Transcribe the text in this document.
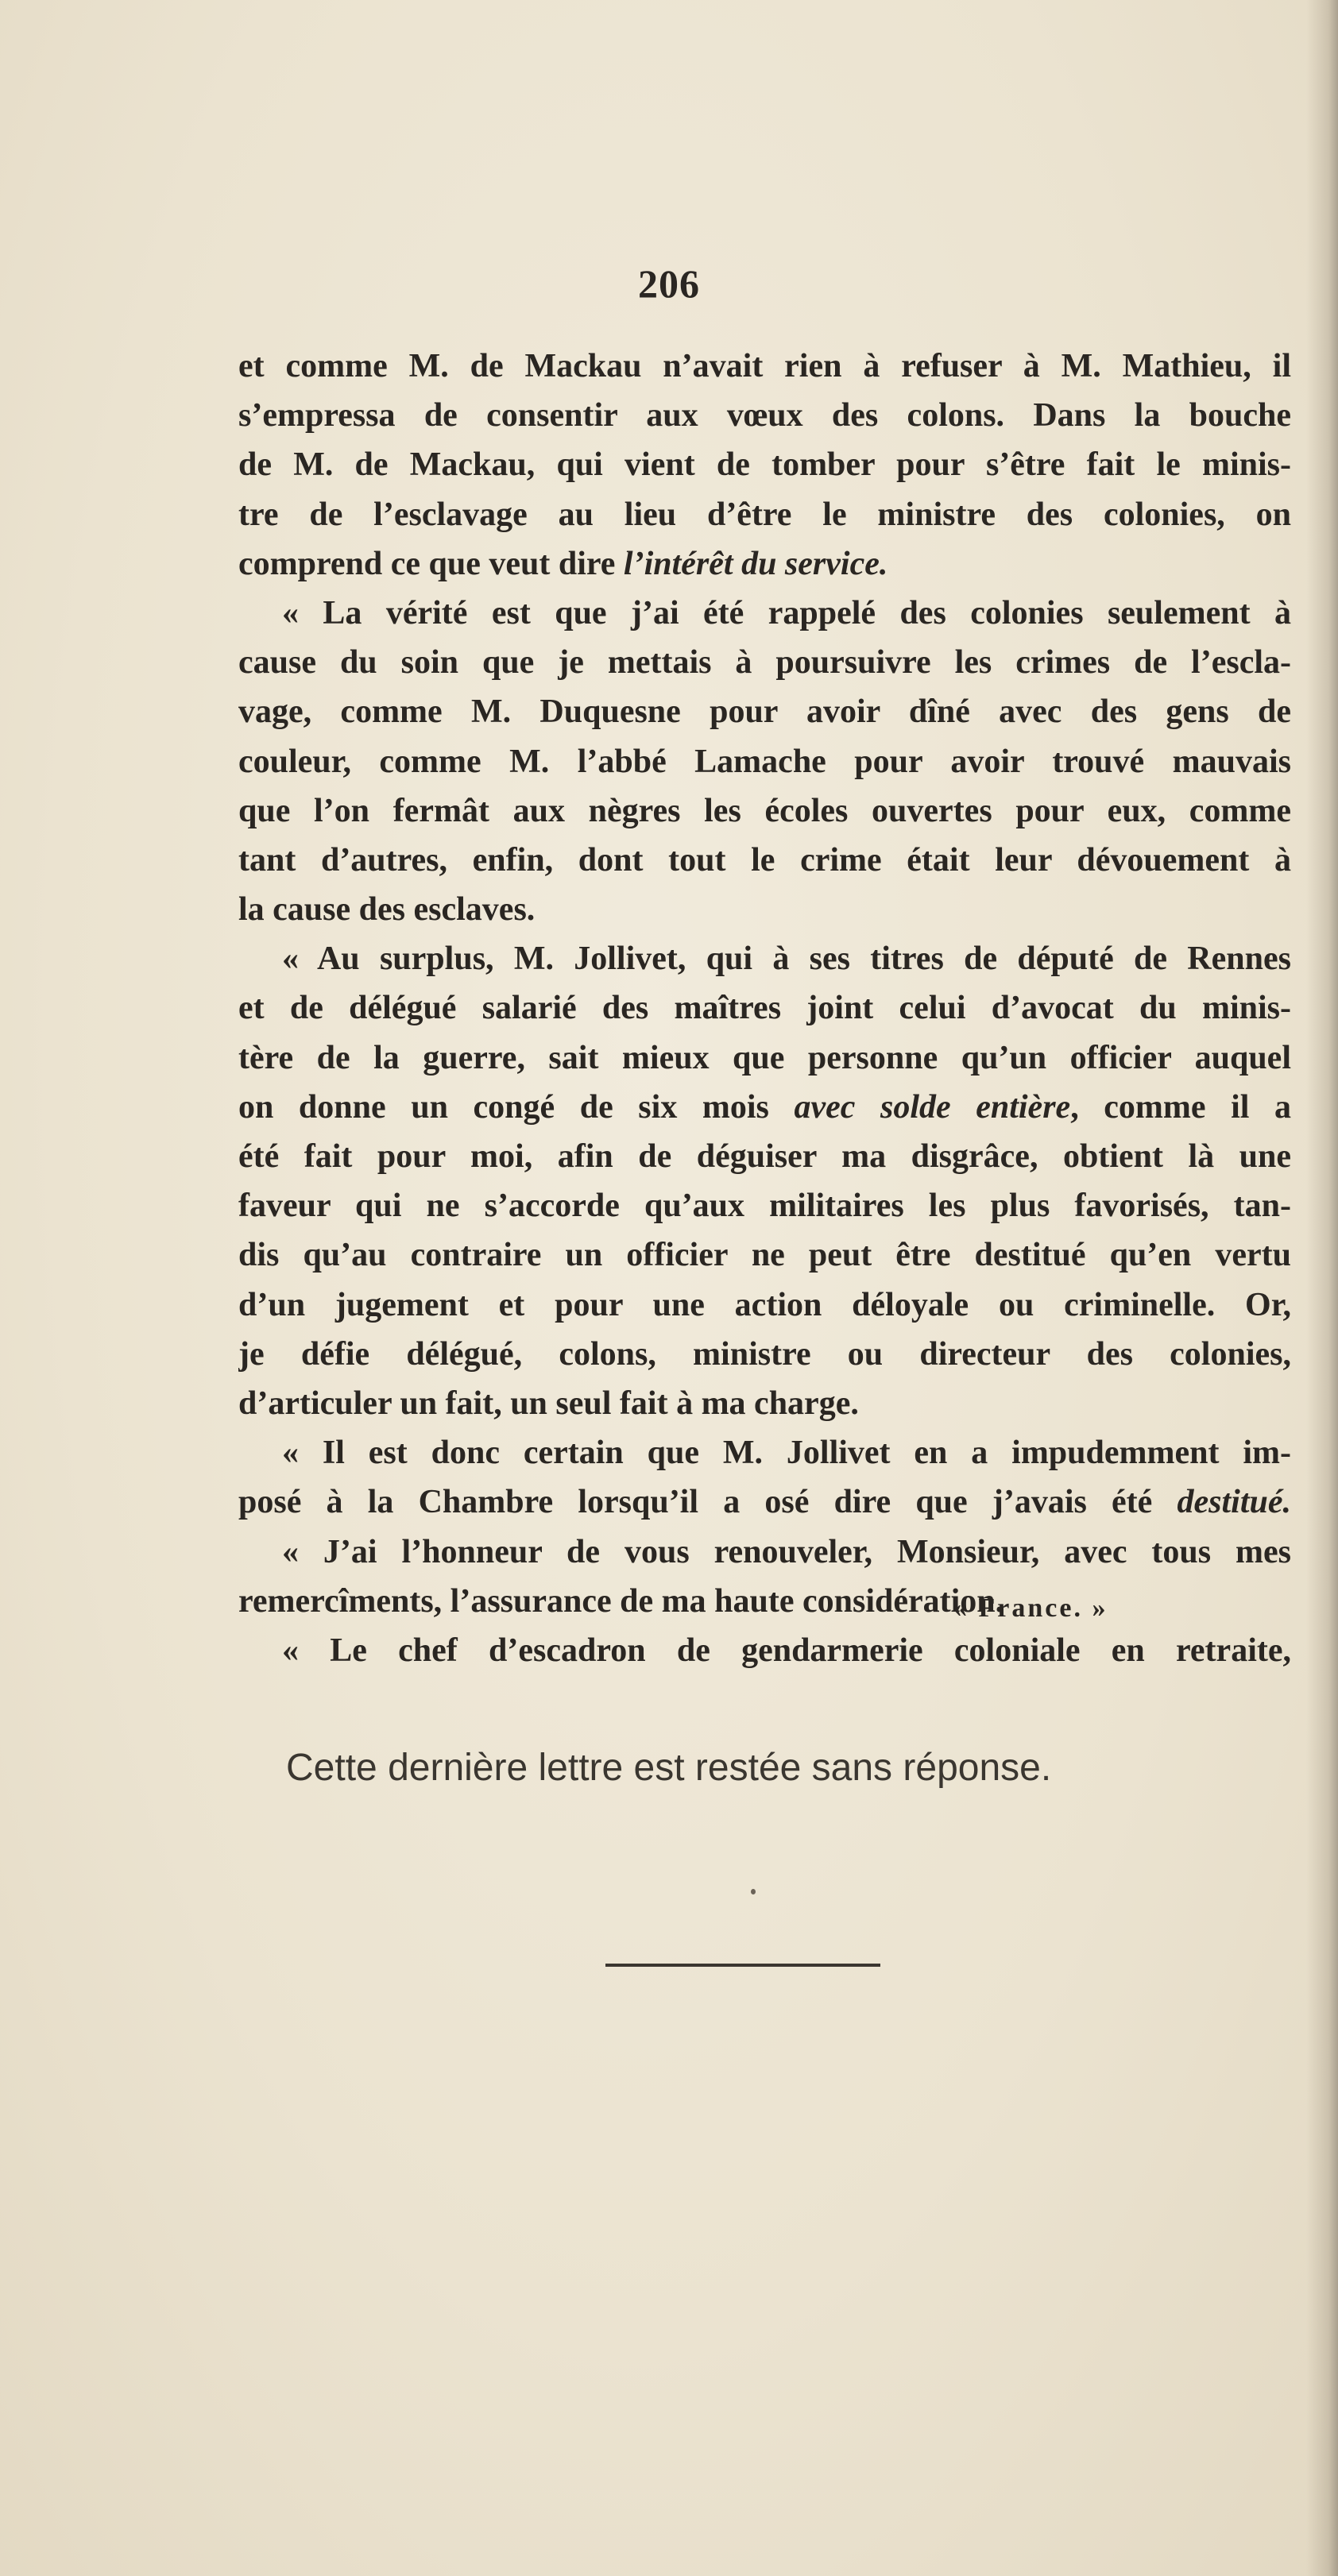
206
et comme M. de Mackau n’avait rien à refuser à M. Mathieu, il
s’empressa de consentir aux vœux des colons. Dans la bouche
de M. de Mackau, qui vient de tomber pour s’être fait le minis-
tre de l’esclavage au lieu d’être le ministre des colonies, on
comprend ce que veut dire l’intérêt du service.
« La vérité est que j’ai été rappelé des colonies seulement à
cause du soin que je mettais à poursuivre les crimes de l’escla-
vage, comme M. Duquesne pour avoir dîné avec des gens de
couleur, comme M. l’abbé Lamache pour avoir trouvé mauvais
que l’on fermât aux nègres les écoles ouvertes pour eux, comme
tant d’autres, enfin, dont tout le crime était leur dévouement à
la cause des esclaves.
« Au surplus, M. Jollivet, qui à ses titres de député de Rennes
et de délégué salarié des maîtres joint celui d’avocat du minis-
tère de la guerre, sait mieux que personne qu’un officier auquel
on donne un congé de six mois avec solde entière, comme il a
été fait pour moi, afin de déguiser ma disgrâce, obtient là une
faveur qui ne s’accorde qu’aux militaires les plus favorisés, tan-
dis qu’au contraire un officier ne peut être destitué qu’en vertu
d’un jugement et pour une action déloyale ou criminelle. Or,
je défie délégué, colons, ministre ou directeur des colonies,
d’articuler un fait, un seul fait à ma charge.
« Il est donc certain que M. Jollivet en a impudemment im-
posé à la Chambre lorsqu’il a osé dire que j’avais été destitué.
« J’ai l’honneur de vous renouveler, Monsieur, avec tous mes
remercîments, l’assurance de ma haute considération.
« Le chef d’escadron de gendarmerie coloniale en retraite,
« France. »
Cette dernière lettre est restée sans réponse.
